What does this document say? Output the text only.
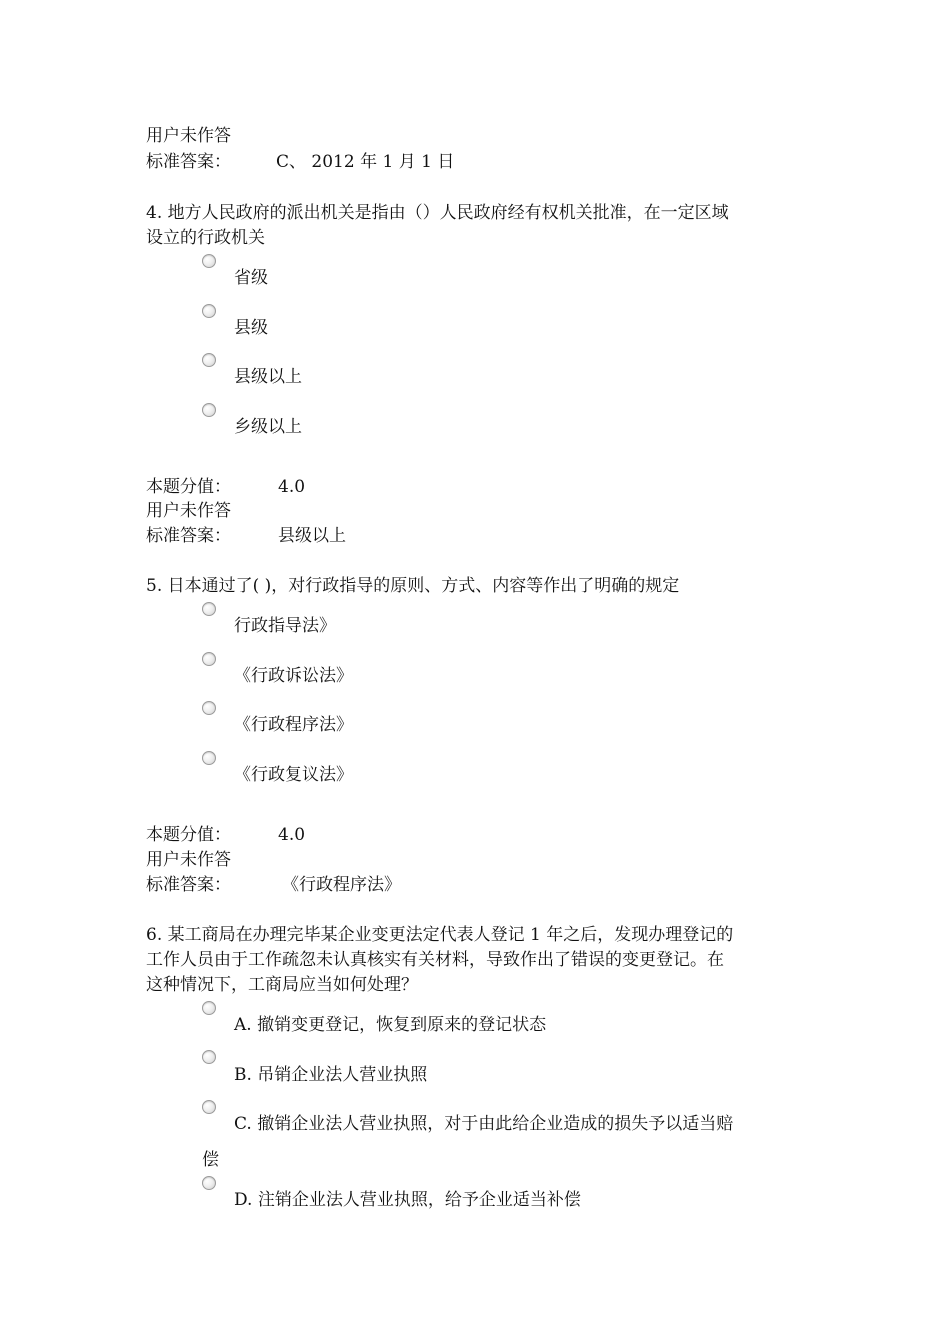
用户未作答
标准答案：	C、 2012 年 1 月 1 日
4. 地方人民政府的派出机关是指由（）人民政府经有权机关批准，在一定区域
设立的行政机关
省级
县级
县级以上
乡级以上
本题分值：	4.0
用户未作答
标准答案：	县级以上
5. 日本通过了( )，对行政指导的原则、方式、内容等作出了明确的规定
行政指导法》
《行政诉讼法》
《行政程序法》
《行政复议法》
本题分值：	4.0
用户未作答
标准答案：	《行政程序法》
6. 某工商局在办理完毕某企业变更法定代表人登记 1 年之后，发现办理登记的
工作人员由于工作疏忽未认真核实有关材料，导致作出了错误的变更登记。在
这种情况下，工商局应当如何处理？
A. 撤销变更登记，恢复到原来的登记状态
B. 吊销企业法人营业执照
C. 撤销企业法人营业执照，对于由此给企业造成的损失予以适当赔
偿
D. 注销企业法人营业执照，给予企业适当补偿
